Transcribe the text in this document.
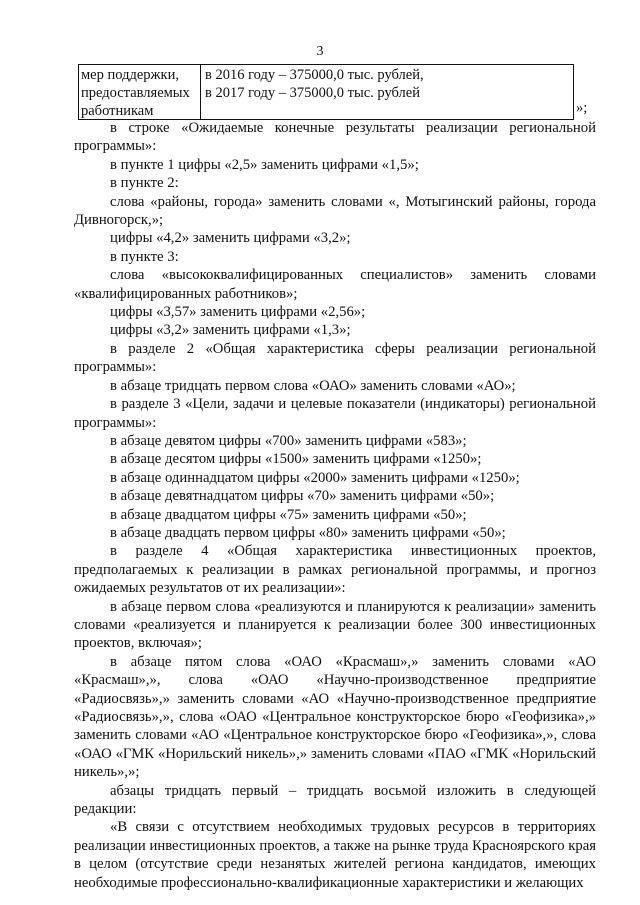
3
мер поддержки,
предоставляемых
работникам
в 2016 году – 375000,0 тыс. рублей,
в 2017 году – 375000,0 тыс. рублей
»;

в строке «Ожидаемые конечные результаты реализации региональной программы»:

в пункте 1 цифры «2,5» заменить цифрами «1,5»;

в пункте 2:

слова «районы, города» заменить словами «, Мотыгинский районы, города Дивногорск,»;

цифры «4,2» заменить цифрами «3,2»;

в пункте 3:

слова «высококвалифицированных специалистов» заменить словами «квалифицированных работников»;

цифры «3,57» заменить цифрами «2,56»;

цифры «3,2» заменить цифрами «1,3»;

в разделе 2 «Общая характеристика сферы реализации региональной программы»:

в абзаце тридцать первом слова «ОАО» заменить словами «АО»;

в разделе 3 «Цели, задачи и целевые показатели (индикаторы) региональной программы»:

в абзаце девятом цифры «700» заменить цифрами «583»;

в абзаце десятом цифры «1500» заменить цифрами «1250»;

в абзаце одиннадцатом цифры «2000» заменить цифрами «1250»;

в абзаце девятнадцатом цифры «70» заменить цифрами «50»;

в абзаце двадцатом цифры «75» заменить цифрами «50»;

в абзаце двадцать первом цифры «80» заменить цифрами «50»;

в разделе 4 «Общая характеристика инвестиционных проектов, предполагаемых к реализации в рамках региональной программы, и прогноз ожидаемых результатов от их реализации»:

в абзаце первом слова «реализуются и планируются к реализации» заменить словами «реализуется и планируется к реализации более 300 инвестиционных проектов, включая»;

в абзаце пятом слова «ОАО «Красмаш»,» заменить словами «АО «Красмаш»,», слова «ОАО «Научно-производственное предприятие «Радиосвязь»,» заменить словами «АО «Научно-производственное предприятие «Радиосвязь»,», слова «ОАО «Центральное конструкторское бюро «Геофизика»,» заменить словами «АО «Центральное конструкторское бюро «Геофизика»,», слова «ОАО «ГМК «Норильский никель»,» заменить словами «ПАО «ГМК «Норильский никель»,»;

абзацы тридцать первый – тридцать восьмой изложить в следующей редакции:

«В связи с отсутствием необходимых трудовых ресурсов в территориях реализации инвестиционных проектов, а также на рынке труда Красноярского края в целом (отсутствие среди незанятых жителей региона кандидатов, имеющих необходимые профессионально-квалификационные характеристики и желающих
